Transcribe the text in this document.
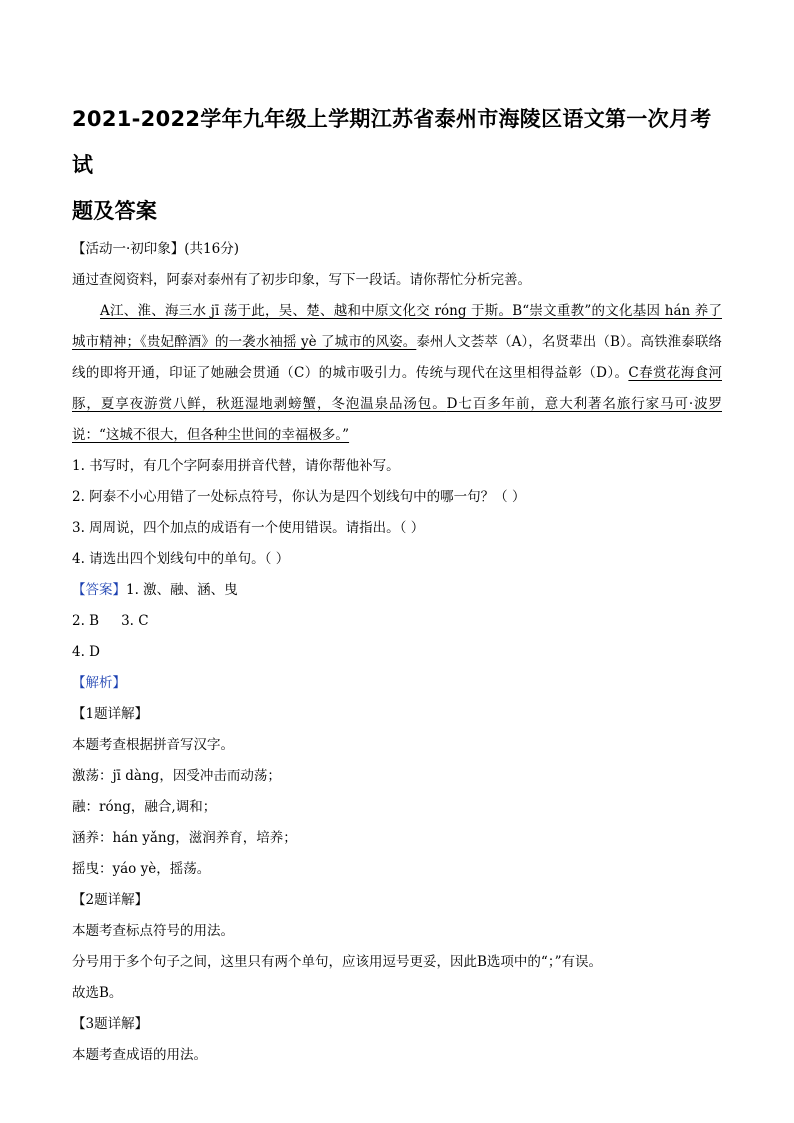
2021-2022学年九年级上学期江苏省泰州市海陵区语文第一次月考试

题及答案

【活动一·初印象】(共16分)

通过查阅资料，阿泰对泰州有了初步印象，写下一段话。请你帮忙分析完善。

A江、淮、海三水 jī 荡于此，吴、楚、越和中原文化交 róng 于斯。B“崇文重教”的文化基因 hán 养了城市精神；《贵妃醉酒》的一袭水袖摇 yè 了城市的风姿。泰州人文荟萃（A），名贤辈出（B）。高铁淮泰联络线的即将开通，印证了她融会贯通（C）的城市吸引力。传统与现代在这里相得益彰（D）。C春赏花海食河豚，夏享夜游赏八鲜，秋逛湿地剥螃蟹，冬泡温泉品汤包。D七百多年前，意大利著名旅行家马可·波罗说：“这城不很大，但各种尘世间的幸福极多。”

1. 书写时，有几个字阿泰用拼音代替，请你帮他补写。

2. 阿泰不小心用错了一处标点符号，你认为是四个划线句中的哪一句？（ ）

3. 周周说，四个加点的成语有一个使用错误。请指出。（ ）

4. 请选出四个划线句中的单句。（ ）

【答案】1. 激、融、涵、曳

2. B 3. C

4. D

【解析】

【1题详解】

本题考查根据拼音写汉字。

激荡：jī dàng，因受冲击而动荡；

融：róng，融合,调和；

涵养：hán yǎng，滋润养育，培养；

摇曳：yáo yè，摇荡。

【2题详解】

本题考查标点符号的用法。

分号用于多个句子之间，这里只有两个单句，应该用逗号更妥，因此B选项中的“；”有误。

故选B。

【3题详解】

本题考查成语的用法。
